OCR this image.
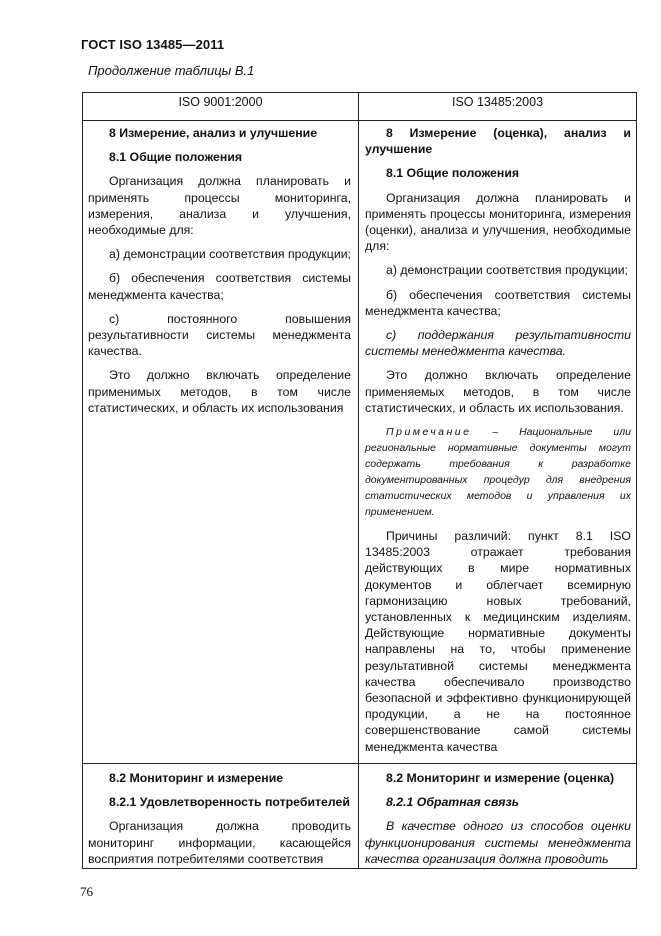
ГОСТ ISO 13485—2011
Продолжение таблицы В.1
ISO 9001:2000	ISO 13485:2003

8 Измерение, анализ и улучшение

8.1 Общие положения

Организация должна планировать и применять процессы мониторинга, измерения, анализа и улучшения, необходимые для:

а) демонстрации соответствия продукции;

б) обеспечения соответствия системы менеджмента качества;

с) постоянного повышения результативности системы менеджмента качества.

Это должно включать определение применимых методов, в том числе статистических, и область их использования

8 Измерение (оценка), анализ и улучшение

8.1 Общие положения

Организация должна планировать и применять процессы мониторинга, измерения (оценки), анализа и улучшения, необходимые для:

а) демонстрации соответствия продукции;

б) обеспечения соответствия системы менеджмента качества;

с) поддержания результативности системы менеджмента качества.

Это должно включать определение применяемых методов, в том числе статистических, и область их использования.

Примечание – Национальные или региональные нормативные документы могут содержать требования к разработке документированных процедур для внедрения статистических методов и управления их применением.

Причины различий: пункт 8.1 ISO 13485:2003 отражает требования действующих в мире нормативных документов и облегчает всемирную гармонизацию новых требований, установленных к медицинским изделиям. Действующие нормативные документы направлены на то, чтобы применение результативной системы менеджмента качества обеспечивало производство безопасной и эффективно функционирующей продукции, а не на постоянное совершенствование самой системы менеджмента качества

8.2 Мониторинг и измерение

8.2.1 Удовлетворенность потребителей

Организация должна проводить мониторинг информации, касающейся восприятия потребителями соответствия

8.2 Мониторинг и измерение (оценка)

8.2.1 Обратная связь

В качестве одного из способов оценки функционирования системы менеджмента качества организация должна проводить

76
